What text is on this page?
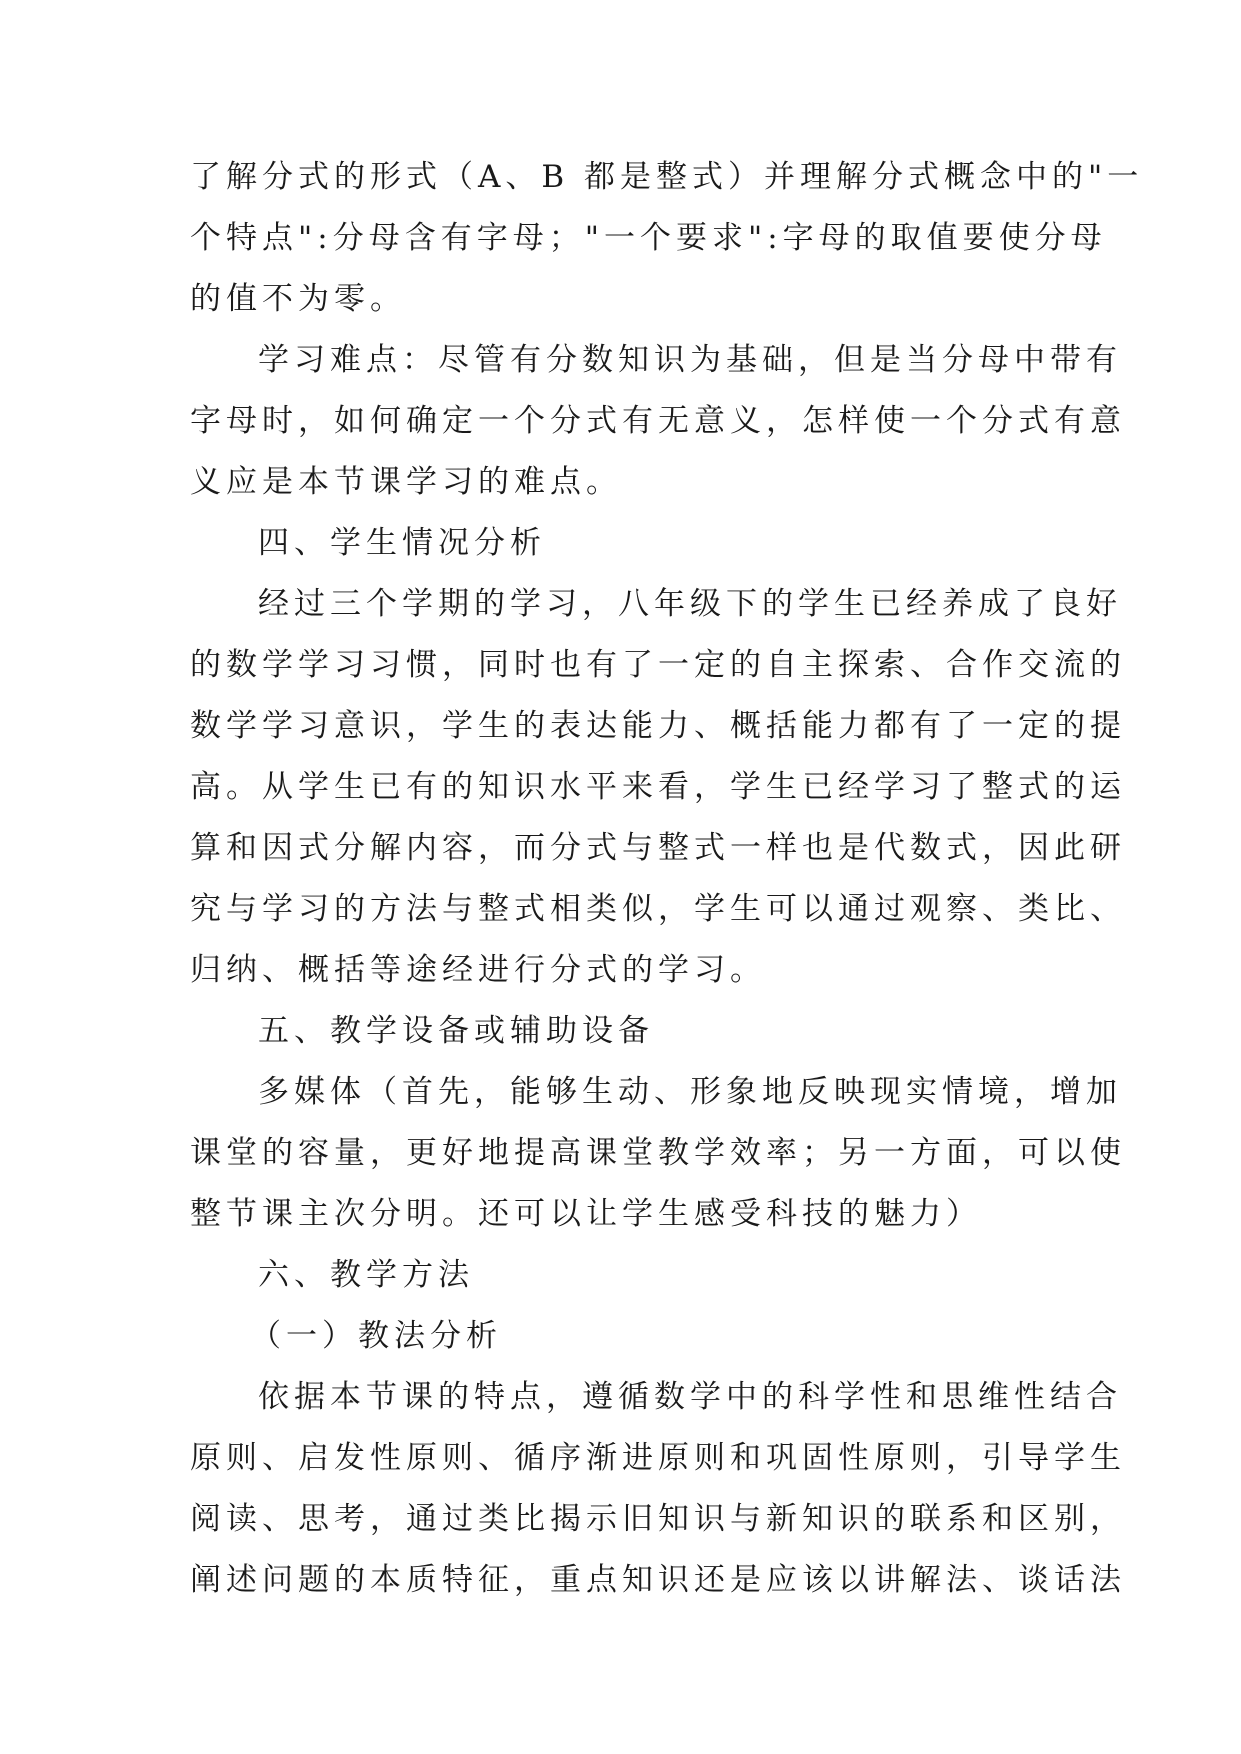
了解分式的形式（A、B 都是整式）并理解分式概念中的"一
个特点":分母含有字母；"一个要求":字母的取值要使分母
的值不为零。
学习难点：尽管有分数知识为基础，但是当分母中带有
字母时，如何确定一个分式有无意义，怎样使一个分式有意
义应是本节课学习的难点。
四、学生情况分析
经过三个学期的学习，八年级下的学生已经养成了良好
的数学学习习惯，同时也有了一定的自主探索、合作交流的
数学学习意识，学生的表达能力、概括能力都有了一定的提
高。从学生已有的知识水平来看，学生已经学习了整式的运
算和因式分解内容，而分式与整式一样也是代数式，因此研
究与学习的方法与整式相类似，学生可以通过观察、类比、
归纳、概括等途经进行分式的学习。
五、教学设备或辅助设备
多媒体（首先，能够生动、形象地反映现实情境，增加
课堂的容量，更好地提高课堂教学效率；另一方面，可以使
整节课主次分明。还可以让学生感受科技的魅力）
六、教学方法
（一）教法分析
依据本节课的特点，遵循数学中的科学性和思维性结合
原则、启发性原则、循序渐进原则和巩固性原则，引导学生
阅读、思考，通过类比揭示旧知识与新知识的联系和区别，
阐述问题的本质特征，重点知识还是应该以讲解法、谈话法
